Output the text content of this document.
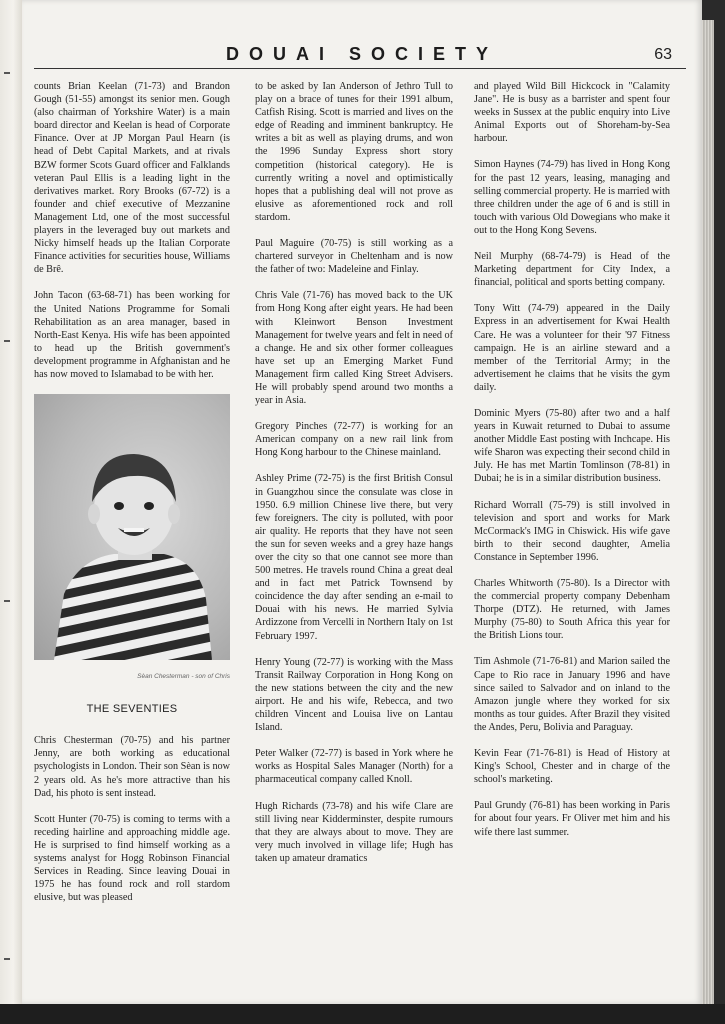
DOUAI SOCIETY	63

counts Brian Keelan (71-73) and Brandon Gough (51-55) amongst its senior men. Gough (also chairman of Yorkshire Water) is a main board director and Keelan is head of Corporate Finance. Over at JP Morgan Paul Hearn (is head of Debt Capital Markets, and at rivals BZW former Scots Guard officer and Falklands veteran Paul Ellis is a leading light in the derivatives market. Rory Brooks (67-72) is a founder and chief executive of Mezzanine Management Ltd, one of the most successful players in the leveraged buy out markets and Nicky himself heads up the Italian Corporate Finance activities for securities house, Williams de Brê.

John Tacon (63-68-71) has been working for the United Nations Programme for Somali Rehabilitation as an area manager, based in North-East Kenya. His wife has been appointed to head up the British government's development programme in Afghanistan and he has now moved to Islamabad to be with her.

Sèan Chesterman - son of Chris
THE SEVENTIES

Chris Chesterman (70-75) and his partner Jenny, are both working as educational psychologists in London. Their son Sèan is now 2 years old. As he's more attractive than his Dad, his photo is sent instead.

Scott Hunter (70-75) is coming to terms with a receding hairline and approaching middle age. He is surprised to find himself working as a systems analyst for Hogg Robinson Financial Services in Reading. Since leaving Douai in 1975 he has found rock and roll stardom elusive, but was pleased

to be asked by Ian Anderson of Jethro Tull to play on a brace of tunes for their 1991 album, Catfish Rising. Scott is married and lives on the edge of Reading and imminent bankruptcy. He writes a bit as well as playing drums, and won the 1996 Sunday Express short story competition (historical category). He is currently writing a novel and optimistically hopes that a publishing deal will not prove as elusive as aforementioned rock and roll stardom.

Paul Maguire (70-75) is still working as a chartered surveyor in Cheltenham and is now the father of two: Madeleine and Finlay.

Chris Vale (71-76) has moved back to the UK from Hong Kong after eight years. He had been with Kleinwort Benson Investment Management for twelve years and felt in need of a change. He and six other former colleagues have set up an Emerging Market Fund Management firm called King Street Advisers. He will probably spend around two months a year in Asia.

Gregory Pinches (72-77) is working for an American company on a new rail link from Hong Kong harbour to the Chinese mainland.

Ashley Prime (72-75) is the first British Consul in Guangzhou since the consulate was close in 1950. 6.9 million Chinese live there, but very few foreigners. The city is polluted, with poor air quality. He reports that they have not seen the sun for seven weeks and a grey haze hangs over the city so that one cannot see more than 500 metres. He travels round China a great deal and in fact met Patrick Townsend by coincidence the day after sending an e-mail to Douai with his news. He married Sylvia Ardizzone from Vercelli in Northern Italy on 1st February 1997.

Henry Young (72-77) is working with the Mass Transit Railway Corporation in Hong Kong on the new stations between the city and the new airport. He and his wife, Rebecca, and two children Vincent and Louisa live on Lantau Island.

Peter Walker (72-77) is based in York where he works as Hospital Sales Manager (North) for a pharmaceutical company called Knoll.

Hugh Richards (73-78) and his wife Clare are still living near Kidderminster, despite rumours that they are always about to move. They are very much involved in village life; Hugh has taken up amateur dramatics

and played Wild Bill Hickcock in "Calamity Jane". He is busy as a barrister and spent four weeks in Sussex at the public enquiry into Live Animal Exports out of Shoreham-by-Sea harbour.

Simon Haynes (74-79) has lived in Hong Kong for the past 12 years, leasing, managing and selling commercial property. He is married with three children under the age of 6 and is still in touch with various Old Dowegians who make it out to the Hong Kong Sevens.

Neil Murphy (68-74-79) is Head of the Marketing department for City Index, a financial, political and sports betting company.

Tony Witt (74-79) appeared in the Daily Express in an advertisement for Kwai Health Care. He was a volunteer for their '97 Fitness campaign. He is an airline steward and a member of the Territorial Army; in the advertisement he claims that he visits the gym daily.

Dominic Myers (75-80) after two and a half years in Kuwait returned to Dubai to assume another Middle East posting with Inchcape. His wife Sharon was expecting their second child in July. He has met Martin Tomlinson (78-81) in Dubai; he is in a similar distribution business.

Richard Worrall (75-79) is still involved in television and sport and works for Mark McCormack's IMG in Chiswick. His wife gave birth to their second daughter, Amelia Constance in September 1996.

Charles Whitworth (75-80). Is a Director with the commercial property company Debenham Thorpe (DTZ). He returned, with James Murphy (75-80) to South Africa this year for the British Lions tour.

Tim Ashmole (71-76-81) and Marion sailed the Cape to Rio race in January 1996 and have since sailed to Salvador and on inland to the Amazon jungle where they worked for six months as tour guides. After Brazil they visited the Andes, Peru, Bolivia and Paraguay.

Kevin Fear (71-76-81) is Head of History at King's School, Chester and in charge of the school's marketing.

Paul Grundy (76-81) has been working in Paris for about four years. Fr Oliver met him and his wife there last summer.
